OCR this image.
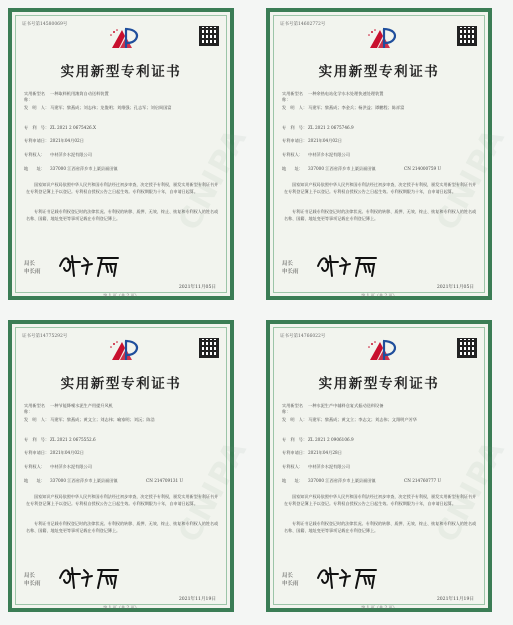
CNIPA
证书号第14580069号
实用新型专利证书
实用新型名称：一种取料机用滚筒自动送料装置
发　明　人：马建军；黎燕成；刘志伟；龙俊明；刘维强；孔志军；刘启周国富
专　利　号：ZL 2021 2 0675426.X
专利申请日：2021年04月02日
专利权人： 中材萍乡水泥有限公司
地　　址： 337000 江西省萍乡市上栗县福田镇
国家知识产权局依照中华人民共和国专利法经过初步审查，决定授予专利权，颁发实用新型专利证书并在专利登记簿上予以登记。专利权自授权公告之日起生效。专利权期限为十年，自申请日起算。
专利证书记载专利权登记时的法律状况。专利权的转移、质押、无效、终止、恢复和专利权人的姓名或名称、国籍、地址变更等事项记载在专利登记簿上。
局长
申长雨
2021年11月05日
第 1 页（共 2 页）
CNIPA
证书号第14602772号
实用新型专利证书
实用新型名称：一种余热电站化学水水处理快速处理装置
发　明　人：马建军；黎燕成；李金兵；杨洪益；谭鹏程；陈祥富
专　利　号：ZL 2021 2 0675746.9
专利申请日：2021年04月02日
专利权人： 中材萍乡水泥有限公司
地　　址： 337000 江西省萍乡市上栗县福田镇	CN 214000759 U
国家知识产权局依照中华人民共和国专利法经过初步审查，决定授予专利权，颁发实用新型专利证书并在专利登记簿上予以登记。专利权自授权公告之日起生效。专利权期限为十年，自申请日起算。
专利证书记载专利权登记时的法律状况。专利权的转移、质押、无效、终止、恢复和专利权人的姓名或名称、国籍、地址变更等事项记载在专利登记簿上。
局长
申长雨
2021年11月05日
第 1 页（共 2 页）
CNIPA
证书号第14775292号
实用新型专利证书
实用新型名称：一种节能降噪水泥生产用提升风机
发　明　人：马建军；黎燕成；黄文立；刘志伟；喻家明；刘沅；陈浩
专　利　号：ZL 2021 2 0675552.6
专利申请日：2021年04月02日
专利权人： 中材萍乡水泥有限公司
地　　址： 337000 江西省萍乡市上栗县福田镇	CN 214709131 U
国家知识产权局依照中华人民共和国专利法经过初步审查，决定授予专利权，颁发实用新型专利证书并在专利登记簿上予以登记。专利权自授权公告之日起生效。专利权期限为十年，自申请日起算。
专利证书记载专利权登记时的法律状况。专利权的转移、质押、无效、终止、恢复和专利权人的姓名或名称、国籍、地址变更等事项记载在专利登记簿上。
局长
申长雨
2021年11月19日
第 1 页（共 2 页）
CNIPA
证书号第14766022号
实用新型专利证书
实用新型名称：一种水泥生产中辅料仓复式振动送料设备
发　明　人：马建军；黎燕成；黄文立；李志文；刘志伟；文翔明产芳华
专　利　号：ZL 2021 2 0906106.9
专利申请日：2021年04月28日
专利权人： 中材萍乡水泥有限公司
地　　址： 337000 江西省萍乡市上栗县福田镇	CN 214760777 U
国家知识产权局依照中华人民共和国专利法经过初步审查，决定授予专利权，颁发实用新型专利证书并在专利登记簿上予以登记。专利权自授权公告之日起生效。专利权期限为十年，自申请日起算。
专利证书记载专利权登记时的法律状况。专利权的转移、质押、无效、终止、恢复和专利权人的姓名或名称、国籍、地址变更等事项记载在专利登记簿上。
局长
申长雨
2021年11月19日
第 1 页（共 2 页）
